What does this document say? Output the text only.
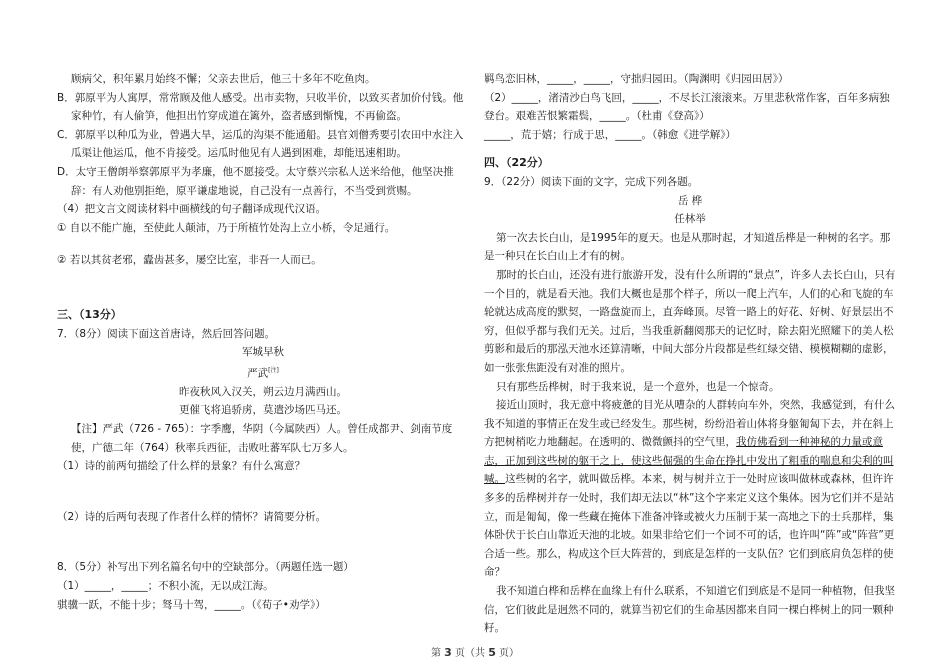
顾病父，积年累月始终不懈；父亲去世后，他三十多年不吃鱼肉。

B．郭原平为人寓厚，常常顾及他人感受。出市卖物，只收半价，以致买者加价付钱。他家种竹，有人偷笋，他担出竹穿成道在篱外，盗者感到惭愧，不再偷盗。

C．郭原平以种瓜为业，曾遇大旱，运瓜的沟渠不能通船。县官刘僧秀要引农田中水注入瓜渠让他运瓜，他不肯接受。运瓜时他见有人遇到困难，却能迅速相助。

D．太守王僧朗举察郭原平为孝廉，他不愿接受。太守蔡兴宗私人送米给他，他坚决推辞：有人劝他别拒绝，原平谦虚地说，自己没有一点善行，不当受到赏赐。

（4）把文言文阅读材料中画横线的句子翻译成现代汉语。

① 自以不能广施，至使此人颠沛，乃于所植竹处沟上立小桥，令足通行。

② 若以其贫老邪，蠹齿甚多，屡空比室，非吾一人而已。

三、（13分）

7．（8分）阅读下面这首唐诗，然后回答问题。

军城早秋

严武[注]

昨夜秋风入汉关，朔云边月满西山。

更催飞将追骄虏，莫遣沙场匹马还。

【注】严武（726 - 765）：字季鹰，华阴（今属陕西）人。曾任成都尹、剑南节度使，广德二年（764）秋率兵西征，击败吐蕃军队七万多人。

（1）诗的前两句描绘了什么样的景象？有什么寓意？

（2）诗的后两句表现了作者什么样的情怀？请简要分析。

8．（5分）补写出下列名篇名句中的空缺部分。（两题任选一题）

（1）_____，_____；不积小流，无以成江海。

骐骥一跃，不能十步；驽马十驾，_____。（《荀子•劝学》）

羁鸟恋旧林，_____，_____，守拙归园田。（陶渊明《归园田居》）

（2）_____，渚清沙白鸟飞回，_____，不尽长江滚滚来。万里悲秋常作客，百年多病独登台。艰难苦恨繁霜鬓，_____。（杜甫《登高》）

_____，荒于嬉；行成于思，_____。（韩愈《进学解》）

四、（22分）

9．（22分）阅读下面的文字，完成下列各题。

岳 桦

任林举

第一次去长白山，是1995年的夏天。也是从那时起，才知道岳桦是一种树的名字。那是一种只在长白山上才有的树。

那时的长白山，还没有进行旅游开发，没有什么所谓的“景点”，许多人去长白山，只有一个目的，就是看天池。我们大概也是那个样子，所以一爬上汽车，人们的心和飞旋的车轮就达成高度的默契，一路盘旋而上，直奔峰顶。尽管一路上的好花、好树、好景层出不穷，但似乎都与我们无关。过后，当我重新翻阅那天的记忆时，除去阳光照耀下的美人松剪影和最后的那泓天池水还算清晰，中间大部分片段都是些红绿交错、模模糊糊的虚影，如一张张焦距没有对准的照片。

只有那些岳桦树，时于我来说，是一个意外，也是一个惊奇。

接近山顶时，我无意中将疲惫的目光从嘈杂的人群转向车外，突然，我感觉到，有什么我不知道的事情正在发生或已经发生。那些树，纷纷沿着山体将身躯匍匐下去，并在斜上方把树梢吃力地翻起。在透明的、微微颤抖的空气里，我仿佛看到一种神秘的力量或意志，正加到这些树的躯干之上，使这些倔强的生命在挣扎中发出了粗重的喘息和尖利的叫喊。这些树的名字，就叫做岳桦。本来，树与树并立于一处时应该叫做林或森林，但许许多多的岳桦树并存一处时，我们却无法以“林”这个字来定义这个集体。因为它们并不是站立，而是匍匐，像一些藏在掩体下准备冲锋或被火力压制于某一高地之下的士兵那样，集体卧伏于长白山靠近天池的北坡。如果非给它们一个词不可的话，也许叫“阵”或“阵营”更合适一些。那么，构成这个巨大阵营的，到底是怎样的一支队伍？它们到底肩负怎样的使命？

我不知道白桦和岳桦在血缘上有什么联系，不知道它们到底是不是同一种植物，但我坚信，它们彼此是迥然不同的，就算当初它们的生命基因都来自同一棵白桦树上的同一颗种籽。

第 3 页（共 5 页）
